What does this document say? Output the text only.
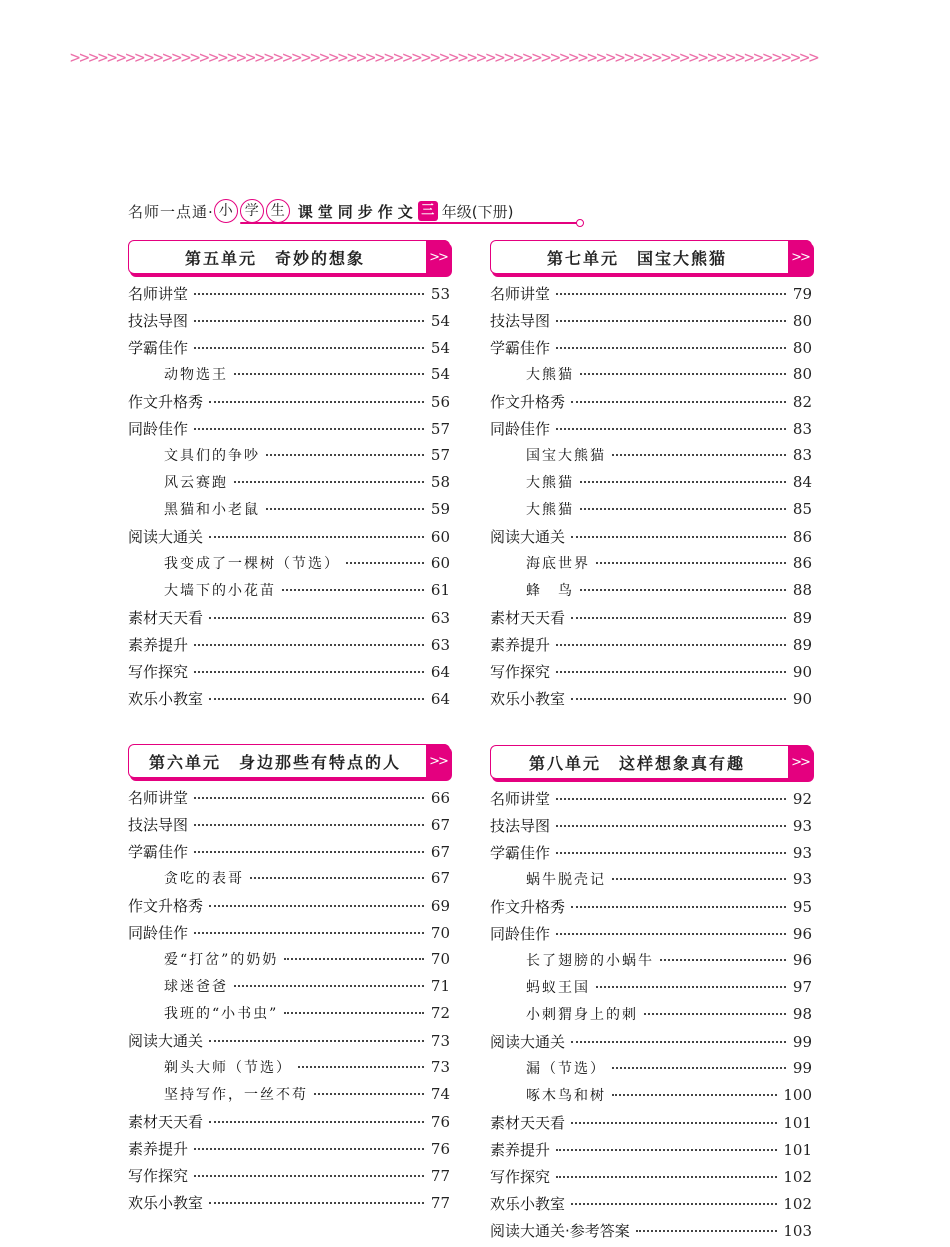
>>>>>>>>>>>>>>>>>>>>>>>>>>>>>>>>>>>>>>>>>>>>>>>>>>>>>>>>>>>>>>>>>>>>>>>>>>>>>>>>>
名师一点通· 小 学 生 课堂同步作文 三 年级(下册)
第五单元　奇妙的想象	>>
名师讲堂	53
技法导图	54
学霸佳作	54
动物选王	54
作文升格秀	56
同龄佳作	57
文具们的争吵	57
风云赛跑	58
黑猫和小老鼠	59
阅读大通关	60
我变成了一棵树（节选）	60
大墙下的小花苗	61
素材天天看	63
素养提升	63
写作探究	64
欢乐小教室	64
第七单元　国宝大熊猫	>>
名师讲堂	79
技法导图	80
学霸佳作	80
大熊猫	80
作文升格秀	82
同龄佳作	83
国宝大熊猫	83
大熊猫	84
大熊猫	85
阅读大通关	86
海底世界	86
蜂　鸟	88
素材天天看	89
素养提升	89
写作探究	90
欢乐小教室	90
第六单元　身边那些有特点的人 >>
名师讲堂	66
技法导图	67
学霸佳作	67
贪吃的表哥	67
作文升格秀	69
同龄佳作	70
爱“打岔”的奶奶	70
球迷爸爸	71
我班的“小书虫”	72
阅读大通关	73
剃头大师（节选）	73
坚持写作，一丝不苟	74
素材天天看	76
素养提升	76
写作探究	77
欢乐小教室	77
第八单元　这样想象真有趣	>>
名师讲堂	92
技法导图	93
学霸佳作	93
蜗牛脱壳记	93
作文升格秀	95
同龄佳作	96
长了翅膀的小蜗牛	96
蚂蚁王国	97
小刺猬身上的刺	98
阅读大通关	99
漏（节选）	99
啄木鸟和树	100
素材天天看	101
素养提升	101
写作探究	102
欢乐小教室	102
阅读大通关·参考答案	103
